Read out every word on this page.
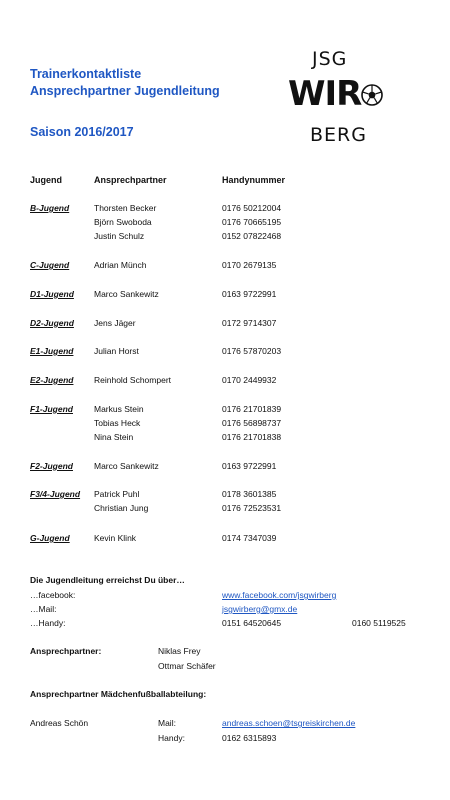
Trainerkontaktliste
Ansprechpartner Jugendleitung
Saison 2016/2017
JSG
WIR
BERG
Jugend	Ansprechpartner	Handynummer
B-Jugend	Thorsten Becker	0176 50212004
Björn Swoboda	0176 70665195
Justin Schulz	0152 07822468
C-Jugend	Adrian Münch	0170 2679135
D1-Jugend Marco Sankewitz	0163 9722991
D2-Jugend Jens Jäger	0172 9714307
E1-Jugend Julian Horst	0176 57870203
E2-Jugend Reinhold Schompert	0170 2449932
F1-Jugend Markus Stein	0176 21701839
Tobias Heck	0176 56898737
Nina Stein	0176 21701838
F2-Jugend Marco Sankewitz	0163 9722991
F3/4-Jugend Patrick Puhl	0178 3601385
Christian Jung	0176 72523531
G-Jugend	Kevin Klink	0174 7347039
Die Jugendleitung erreichst Du über…
…facebook:	www.facebook.com/jsgwirberg
…Mail:	jsgwirberg@gmx.de
…Handy:	0151 64520645	0160 5119525
Ansprechpartner:	Niklas Frey
Ottmar Schäfer
Ansprechpartner Mädchenfußballabteilung:
Andreas Schön	Mail:	andreas.schoen@tsgreiskirchen.de
Handy:	0162 6315893
